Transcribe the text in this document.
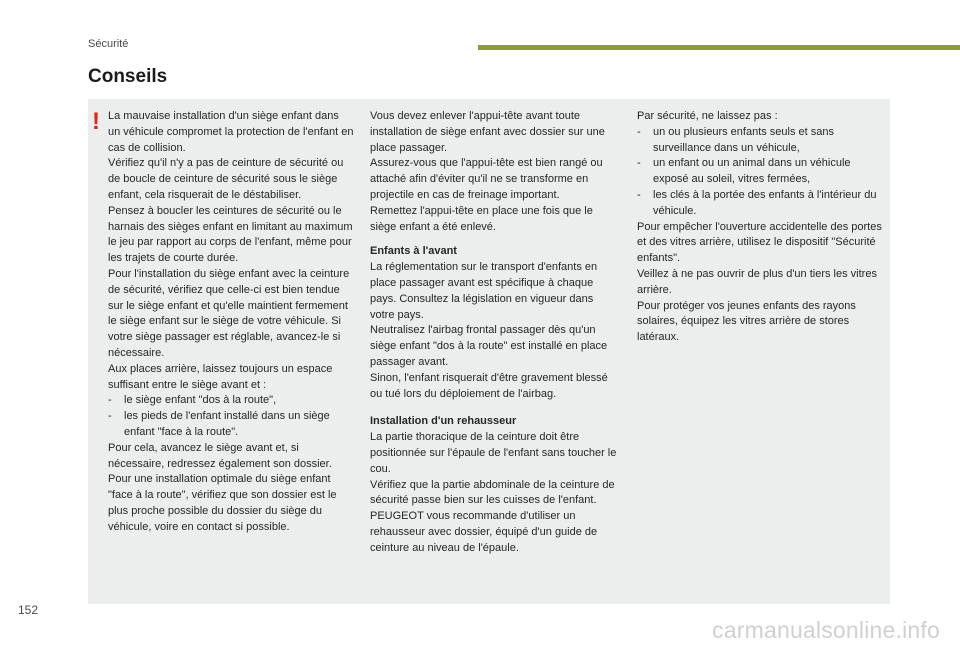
Sécurité
Conseils
! La mauvaise installation d'un siège enfant dans un véhicule compromet la protection de l'enfant en cas de collision.

Vérifiez qu'il n'y a pas de ceinture de sécurité ou de boucle de ceinture de sécurité sous le siège enfant, cela risquerait de le déstabiliser.

Pensez à boucler les ceintures de sécurité ou le harnais des sièges enfant en limitant au maximum le jeu par rapport au corps de l'enfant, même pour les trajets de courte durée.

Pour l'installation du siège enfant avec la ceinture de sécurité, vérifiez que celle-ci est bien tendue sur le siège enfant et qu'elle maintient fermement le siège enfant sur le siège de votre véhicule. Si votre siège passager est réglable, avancez-le si nécessaire.

Aux places arrière, laissez toujours un espace suffisant entre le siège avant et :

- le siège enfant "dos à la route",
- les pieds de l'enfant installé dans un siège enfant "face à la route".

Pour cela, avancez le siège avant et, si nécessaire, redressez également son dossier.

Pour une installation optimale du siège enfant "face à la route", vérifiez que son dossier est le plus proche possible du dossier du siège du véhicule, voire en contact si possible.

Vous devez enlever l'appui-tête avant toute installation de siège enfant avec dossier sur une place passager.

Assurez-vous que l'appui-tête est bien rangé ou attaché afin d'éviter qu'il ne se transforme en projectile en cas de freinage important.

Remettez l'appui-tête en place une fois que le siège enfant a été enlevé.

Enfants à l'avant

La réglementation sur le transport d'enfants en place passager avant est spécifique à chaque pays. Consultez la législation en vigueur dans votre pays.

Neutralisez l'airbag frontal passager dès qu'un siège enfant "dos à la route" est installé en place passager avant.

Sinon, l'enfant risquerait d'être gravement blessé ou tué lors du déploiement de l'airbag.

Installation d'un rehausseur

La partie thoracique de la ceinture doit être positionnée sur l'épaule de l'enfant sans toucher le cou.

Vérifiez que la partie abdominale de la ceinture de sécurité passe bien sur les cuisses de l'enfant.

PEUGEOT vous recommande d'utiliser un rehausseur avec dossier, équipé d'un guide de ceinture au niveau de l'épaule.

Par sécurité, ne laissez pas :

- un ou plusieurs enfants seuls et sans surveillance dans un véhicule,
- un enfant ou un animal dans un véhicule exposé au soleil, vitres fermées,
- les clés à la portée des enfants à l'intérieur du véhicule.

Pour empêcher l'ouverture accidentelle des portes et des vitres arrière, utilisez le dispositif "Sécurité enfants".

Veillez à ne pas ouvrir de plus d'un tiers les vitres arrière.

Pour protéger vos jeunes enfants des rayons solaires, équipez les vitres arrière de stores latéraux.

152
carmanualsonline.info
